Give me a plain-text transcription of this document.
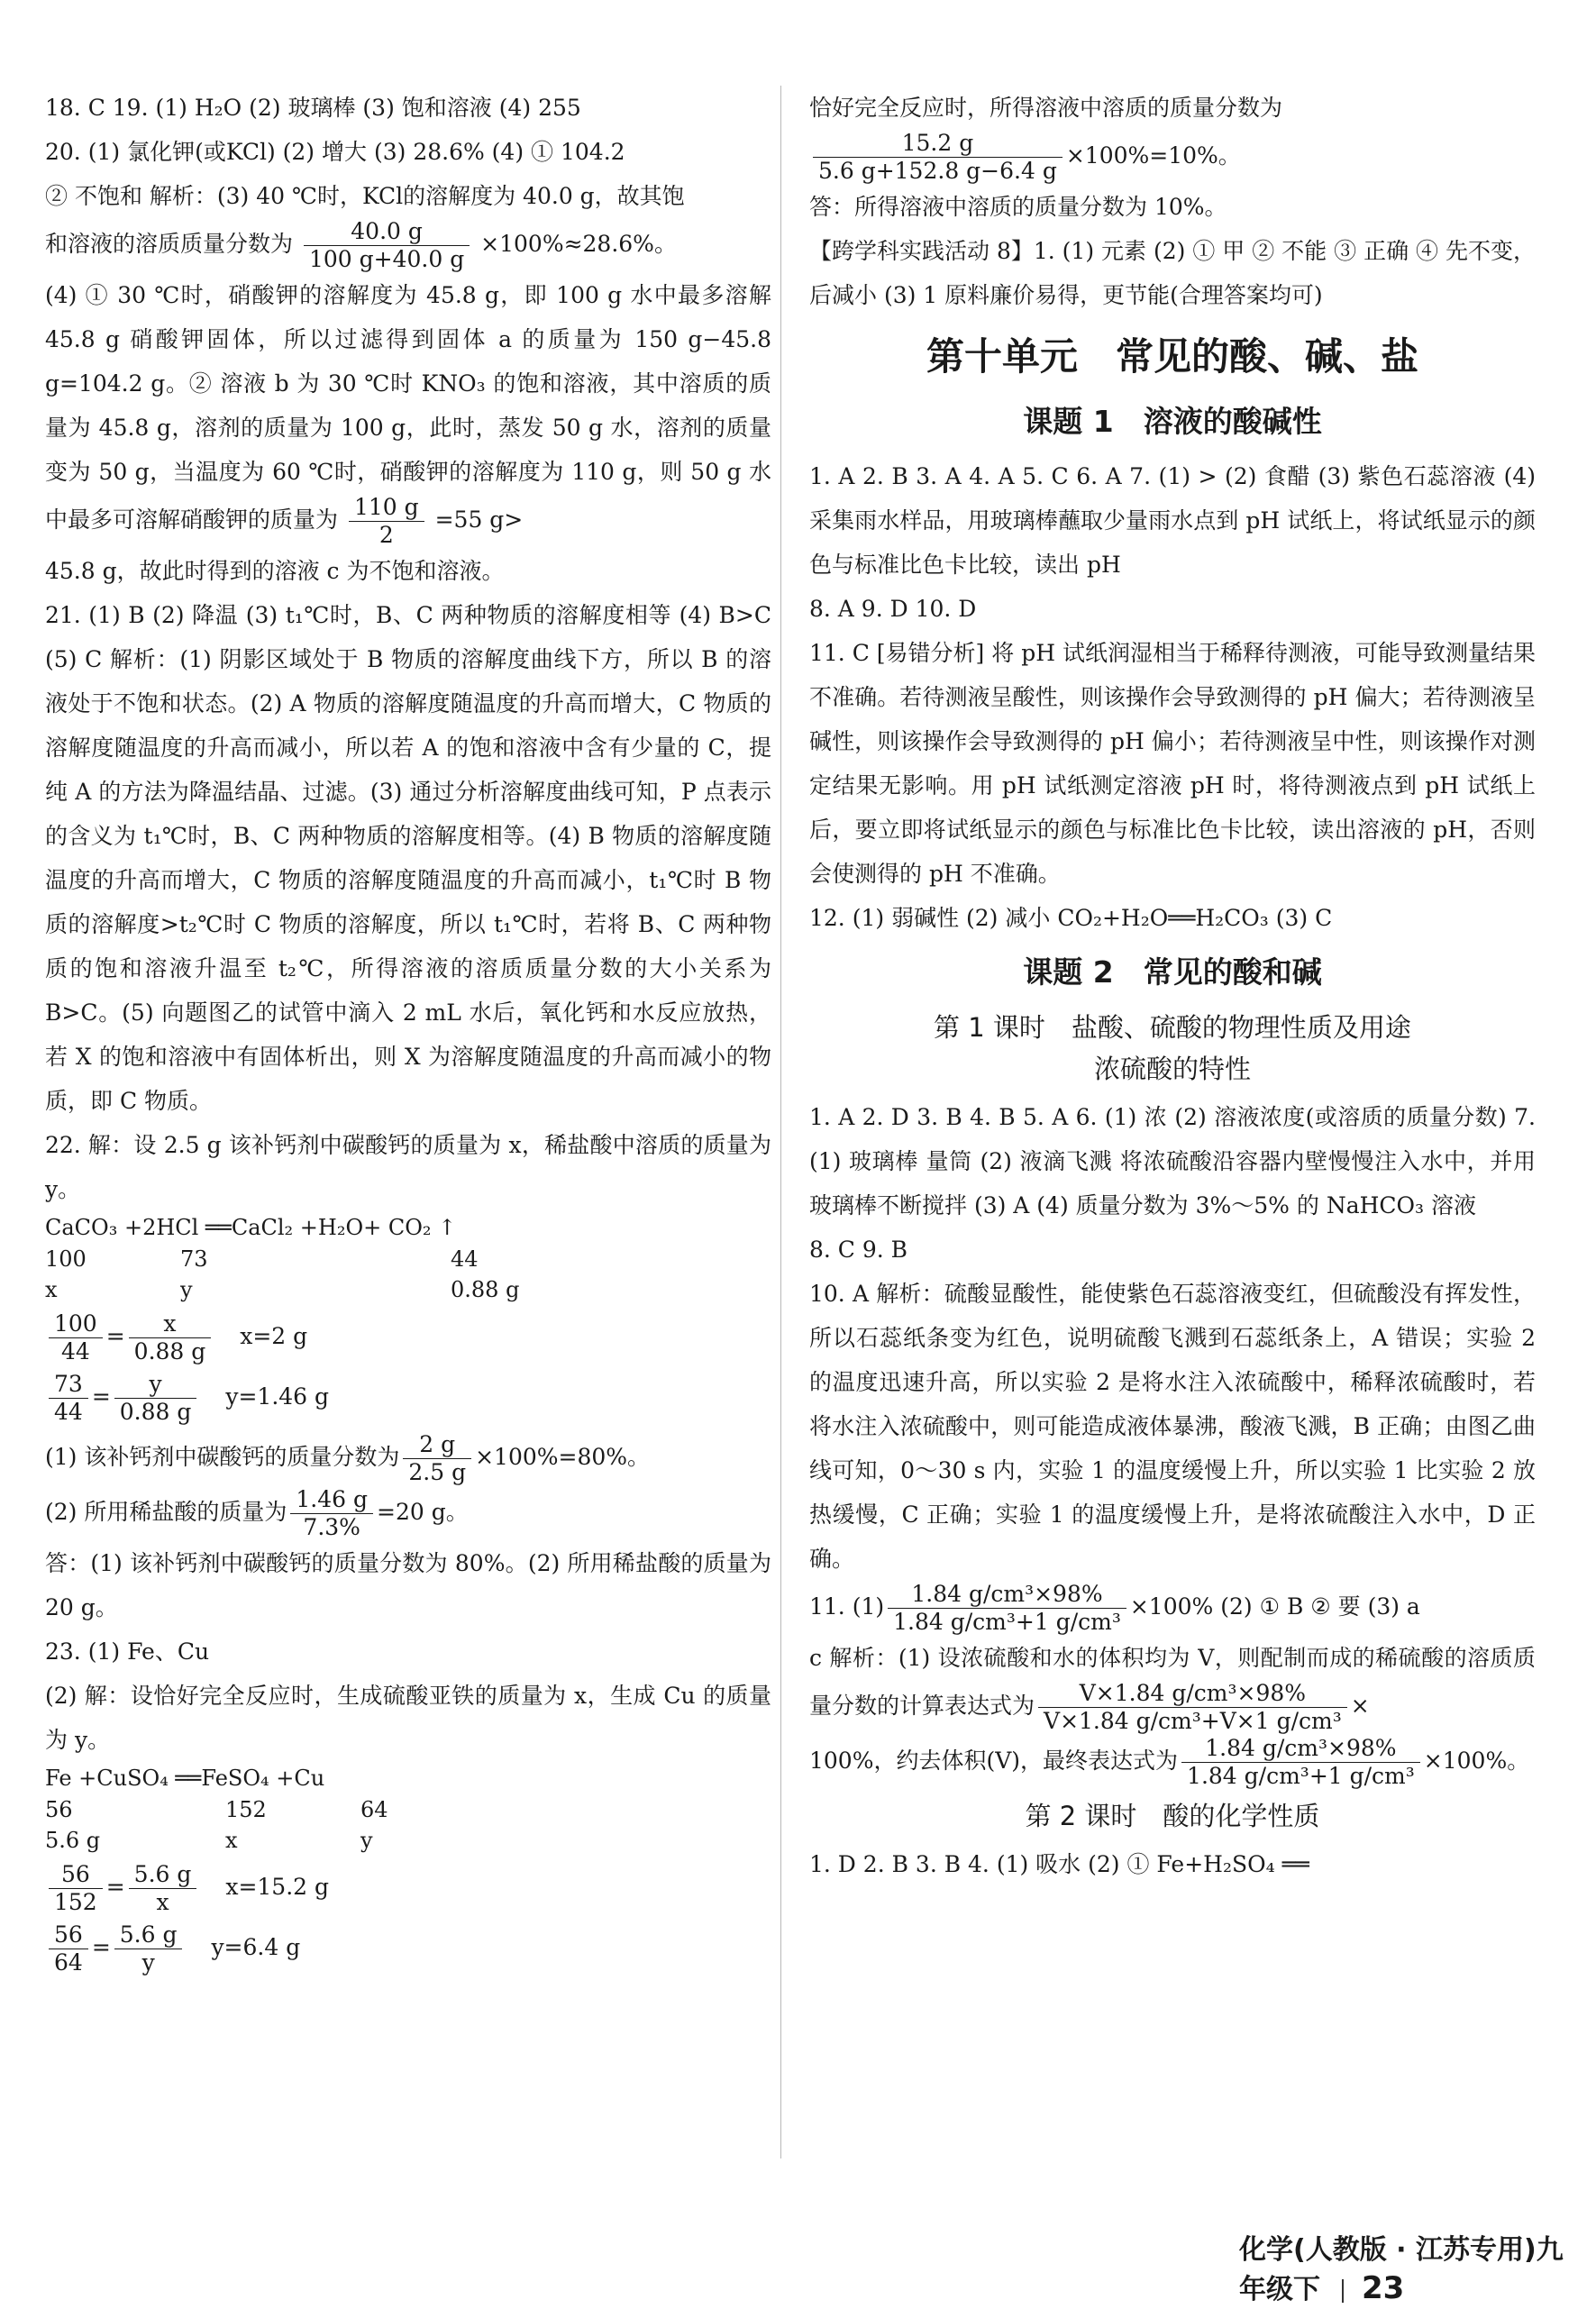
18. C 19. (1) H₂O (2) 玻璃棒 (3) 饱和溶液 (4) 255

20. (1) 氯化钾(或KCl) (2) 增大 (3) 28.6% (4) ① 104.2

② 不饱和 解析：(3) 40 ℃时，KCl的溶解度为 40.0 g，故其饱

和溶液的溶质质量分数为 $\frac{40.0 g}{100 g+40.0 g} \times 100\%\approx 28.6\%$。

(4) ① 30 ℃时，硝酸钾的溶解度为 45.8 g，即 100 g 水中最多溶解 45.8 g 硝酸钾固体，所以过滤得到固体 a 的质量为 150 g−45.8 g=104.2 g。② 溶液 b 为 30 ℃时 KNO₃ 的饱和溶液，其中溶质的质量为 45.8 g，溶剂的质量为 100 g，此时，蒸发 50 g 水，溶剂的质量变为 50 g，当温度为 60 ℃时，硝酸钾的溶解度为 110 g，则 50 g 水中最多可溶解硝酸钾的质量为 $\frac{110 g}{2} =55$ g>

45.8 g，故此时得到的溶液 c 为不饱和溶液。

21. (1) B (2) 降温 (3) t₁℃时，B、C 两种物质的溶解度相等 (4) B>C (5) C 解析：(1) 阴影区域处于 B 物质的溶解度曲线下方，所以 B 的溶液处于不饱和状态。(2) A 物质的溶解度随温度的升高而增大，C 物质的溶解度随温度的升高而减小，所以若 A 的饱和溶液中含有少量的 C，提纯 A 的方法为降温结晶、过滤。(3) 通过分析溶解度曲线可知，P 点表示的含义为 t₁℃时，B、C 两种物质的溶解度相等。(4) B 物质的溶解度随温度的升高而增大，C 物质的溶解度随温度的升高而减小，t₁℃时 B 物质的溶解度>t₂℃时 C 物质的溶解度，所以 t₁℃时，若将 B、C 两种物质的饱和溶液升温至 t₂℃，所得溶液的溶质质量分数的大小关系为 B>C。(5) 向题图乙的试管中滴入 2 mL 水后，氧化钙和水反应放热，若 X 的饱和溶液中有固体析出，则 X 为溶解度随温度的升高而减小的物质，即 C 物质。

22. 解：设 2.5 g 该补钙剂中碳酸钙的质量为 x，稀盐酸中溶质的质量为 y。

CaCO₃ +2HCl ══CaCl₂ +H₂O+ CO₂ ↑

100	73	44
x	y	0.88 g
$\frac{100}{44} = \frac{x}{0.88 g} x=2$ g
$\frac{73}{44} = \frac{y}{0.88 g} y=1.46$ g

(1) 该补钙剂中碳酸钙的质量分数为 $\frac{2 g}{2.5 g} \times 100\%=80\%$。

(2) 所用稀盐酸的质量为 $\frac{1.46 g}{7.3\%} =20$ g。

答：(1) 该补钙剂中碳酸钙的质量分数为 80%。(2) 所用稀盐酸的质量为 20 g。

23. (1) Fe、Cu

(2) 解：设恰好完全反应时，生成硫酸亚铁的质量为 x，生成 Cu 的质量为 y。

Fe +CuSO₄ ══FeSO₄ +Cu

56	152	64
5.6 g	x	y
$\frac{56}{152} = \frac{5.6 g}{x} x=15.2$ g
$\frac{56}{64} = \frac{5.6 g}{y} y=6.4$ g

恰好完全反应时，所得溶液中溶质的质量分数为

$\frac{15.2 g}{5.6 g+152.8 g-6.4 g} \times 100\%=10\%$。

答：所得溶液中溶质的质量分数为 10%。

【跨学科实践活动 8】1. (1) 元素 (2) ① 甲 ② 不能 ③ 正确 ④ 先不变，后减小 (3) 1 原料廉价易得，更节能(合理答案均可)

第十单元　常见的酸、碱、盐
课题 1　溶液的酸碱性

1. A 2. B 3. A 4. A 5. C 6. A 7. (1) > (2) 食醋 (3) 紫色石蕊溶液 (4) 采集雨水样品，用玻璃棒蘸取少量雨水点到 pH 试纸上，将试纸显示的颜色与标准比色卡比较，读出 pH

8. A 9. D 10. D

11. C [易错分析] 将 pH 试纸润湿相当于稀释待测液，可能导致测量结果不准确。若待测液呈酸性，则该操作会导致测得的 pH 偏大；若待测液呈碱性，则该操作会导致测得的 pH 偏小；若待测液呈中性，则该操作对测定结果无影响。用 pH 试纸测定溶液 pH 时，将待测液点到 pH 试纸上后，要立即将试纸显示的颜色与标准比色卡比较，读出溶液的 pH，否则会使测得的 pH 不准确。

12. (1) 弱碱性 (2) 减小 CO₂+H₂O══H₂CO₃ (3) C

课题 2　常见的酸和碱
第 1 课时　盐酸、硫酸的物理性质及用途
浓硫酸的特性

1. A 2. D 3. B 4. B 5. A 6. (1) 浓 (2) 溶液浓度(或溶质的质量分数) 7. (1) 玻璃棒 量筒 (2) 液滴飞溅 将浓硫酸沿容器内壁慢慢注入水中，并用玻璃棒不断搅拌 (3) A (4) 质量分数为 3%～5% 的 NaHCO₃ 溶液

8. C 9. B

10. A 解析：硫酸显酸性，能使紫色石蕊溶液变红，但硫酸没有挥发性，所以石蕊纸条变为红色，说明硫酸飞溅到石蕊纸条上，A 错误；实验 2 的温度迅速升高，所以实验 2 是将水注入浓硫酸中，稀释浓硫酸时，若将水注入浓硫酸中，则可能造成液体暴沸，酸液飞溅，B 正确；由图乙曲线可知，0～30 s 内，实验 1 的温度缓慢上升，所以实验 1 比实验 2 放热缓慢，C 正确；实验 1 的温度缓慢上升，是将浓硫酸注入水中，D 正确。

11. $(1) \frac{\text{1.84 g/cm³×98\%}}{\text{1.84 g/cm³+1 g/cm³}} \times 100\%$ (2) ① B ② 要 (3) a

c 解析：(1) 设浓硫酸和水的体积均为 V，则配制而成的稀硫酸的溶质质量分数的计算表达式为 $\frac{\text{V×1.84 g/cm³×98\%}}{\text{V×1.84 g/cm³+V×1 g/cm³}}$ ×

100%，约去体积(V)，最终表达式为 $\frac{\text{1.84 g/cm³×98\%}}{\text{1.84 g/cm³+1 g/cm³}} \times 100\%$。

第 2 课时　酸的化学性质

1. D 2. B 3. B 4. (1) 吸水 (2) ① Fe+H₂SO₄ ══

化学(人教版 · 江苏专用)九年级下 23
